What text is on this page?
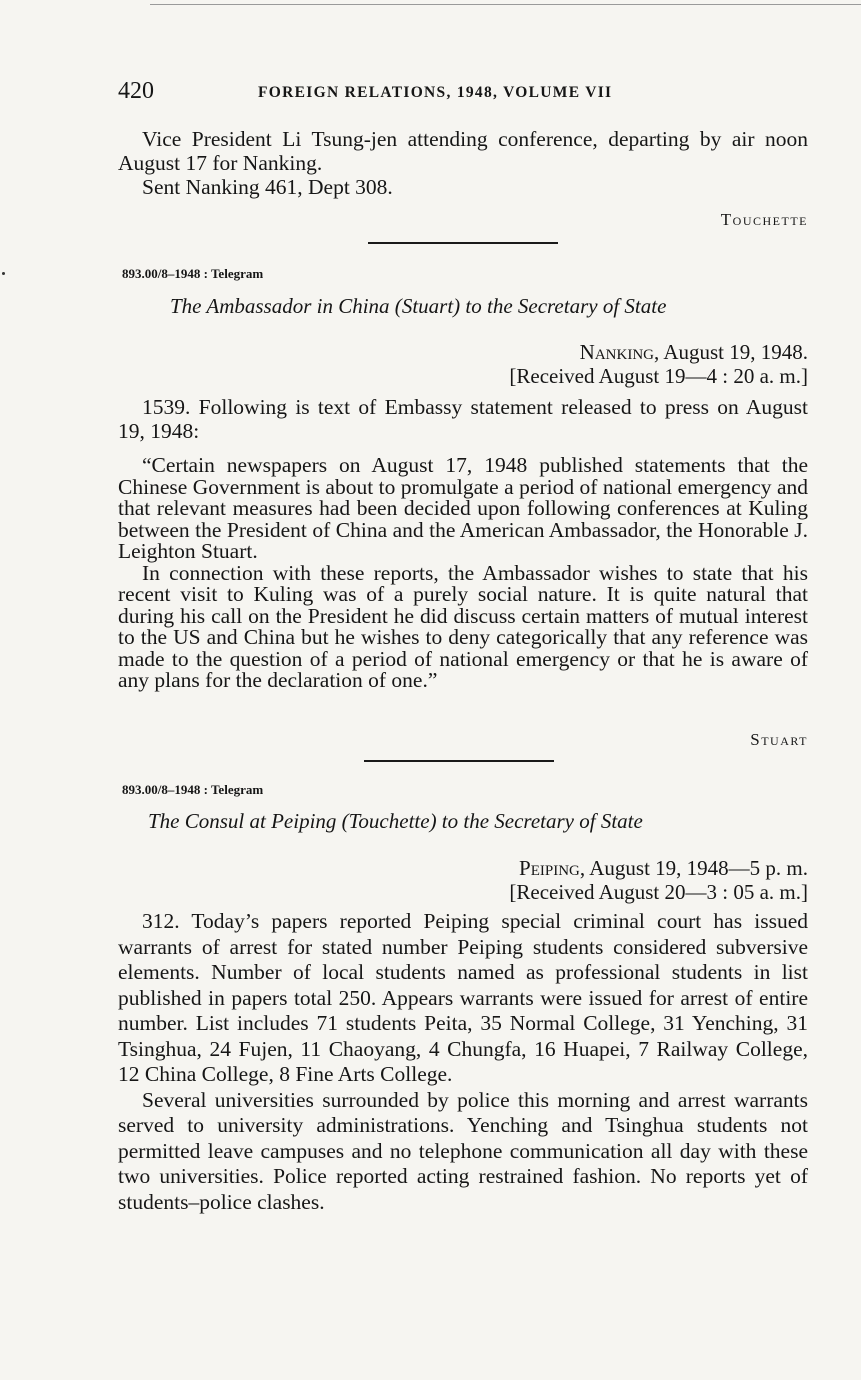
420	FOREIGN RELATIONS, 1948, VOLUME VII

Vice President Li Tsung-jen attending conference, departing by air noon August 17 for Nanking.

Sent Nanking 461, Dept 308.

Touchette
893.00/8–1948 : Telegram
The Ambassador in China (Stuart) to the Secretary of State
Nanking, August 19, 1948.
[Received August 19—4 : 20 a. m.]

1539. Following is text of Embassy statement released to press on August 19, 1948:

“Certain newspapers on August 17, 1948 published statements that the Chinese Government is about to promulgate a period of national emergency and that relevant measures had been decided upon following conferences at Kuling between the President of China and the American Ambassador, the Honorable J. Leighton Stuart.

In connection with these reports, the Ambassador wishes to state that his recent visit to Kuling was of a purely social nature. It is quite natural that during his call on the President he did discuss certain matters of mutual interest to the US and China but he wishes to deny categorically that any reference was made to the question of a period of national emergency or that he is aware of any plans for the declaration of one.”

Stuart
893.00/8–1948 : Telegram
The Consul at Peiping (Touchette) to the Secretary of State
Peiping, August 19, 1948—5 p. m.
[Received August 20—3 : 05 a. m.]

312. Today’s papers reported Peiping special criminal court has issued warrants of arrest for stated number Peiping students considered subversive elements. Number of local students named as professional students in list published in papers total 250. Appears warrants were issued for arrest of entire number. List includes 71 students Peita, 35 Normal College, 31 Yenching, 31 Tsinghua, 24 Fujen, 11 Chaoyang, 4 Chungfa, 16 Huapei, 7 Railway College, 12 China College, 8 Fine Arts College.

Several universities surrounded by police this morning and arrest warrants served to university administrations. Yenching and Tsinghua students not permitted leave campuses and no telephone communication all day with these two universities. Police reported acting restrained fashion. No reports yet of students–police clashes.
